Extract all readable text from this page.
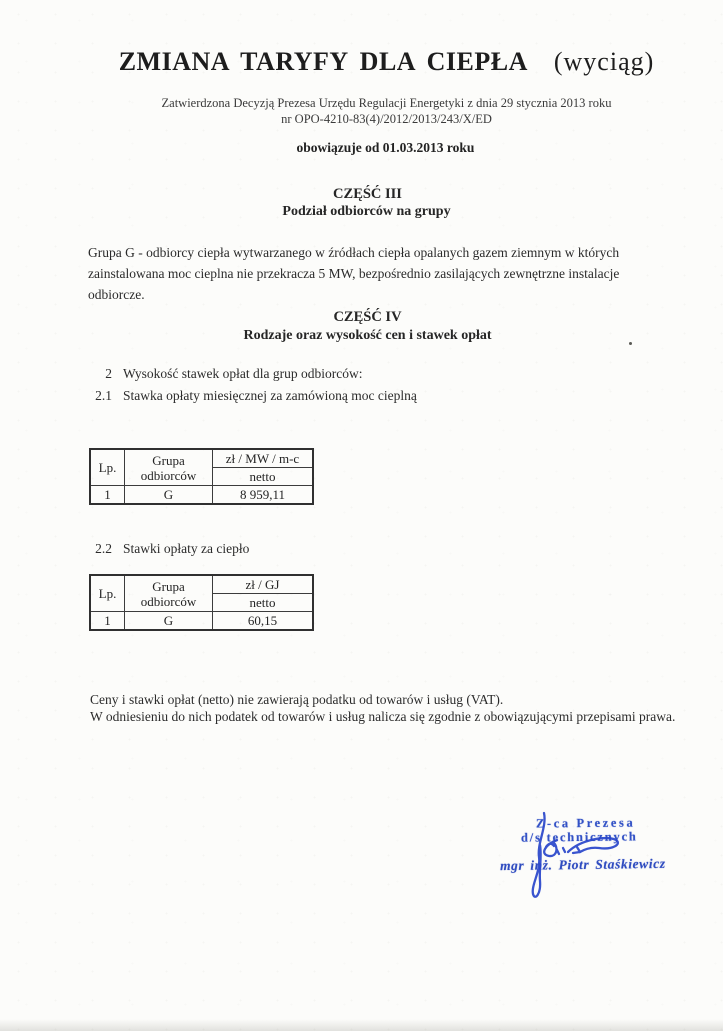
ZMIANA TARYFY DLA CIEPŁA (wyciąg)
Zatwierdzona Decyzją Prezesa Urzędu Regulacji Energetyki z dnia 29 stycznia 2013 roku
nr OPO-4210-83(4)/2012/2013/243/X/ED
obowiązuje od 01.03.2013 roku
CZĘŚĆ III
Podział odbiorców na grupy
Grupa G - odbiorcy ciepła wytwarzanego w źródłach ciepła opalanych gazem ziemnym w których
zainstalowana moc cieplna nie przekracza 5 MW, bezpośrednio zasilających zewnętrzne instalacje
odbiorcze.
CZĘŚĆ IV
Rodzaje oraz wysokość cen i stawek opłat
2 Wysokość stawek opłat dla grup odbiorców:
2.1 Stawka opłaty miesięcznej za zamówioną moc cieplną
Lp.	Grupa odbiorców	zł / MW / m-c
		netto
1	G	8 959,11
2.2 Stawki opłaty za ciepło
Lp.	Grupa odbiorców	zł / GJ
		netto
1	G	60,15
Ceny i stawki opłat (netto) nie zawierają podatku od towarów i usług (VAT).
W odniesieniu do nich podatek od towarów i usług nalicza się zgodnie z obowiązującymi przepisami prawa.
Z-ca Prezesa
d/s technicznych
mgr inż. Piotr Staśkiewicz
